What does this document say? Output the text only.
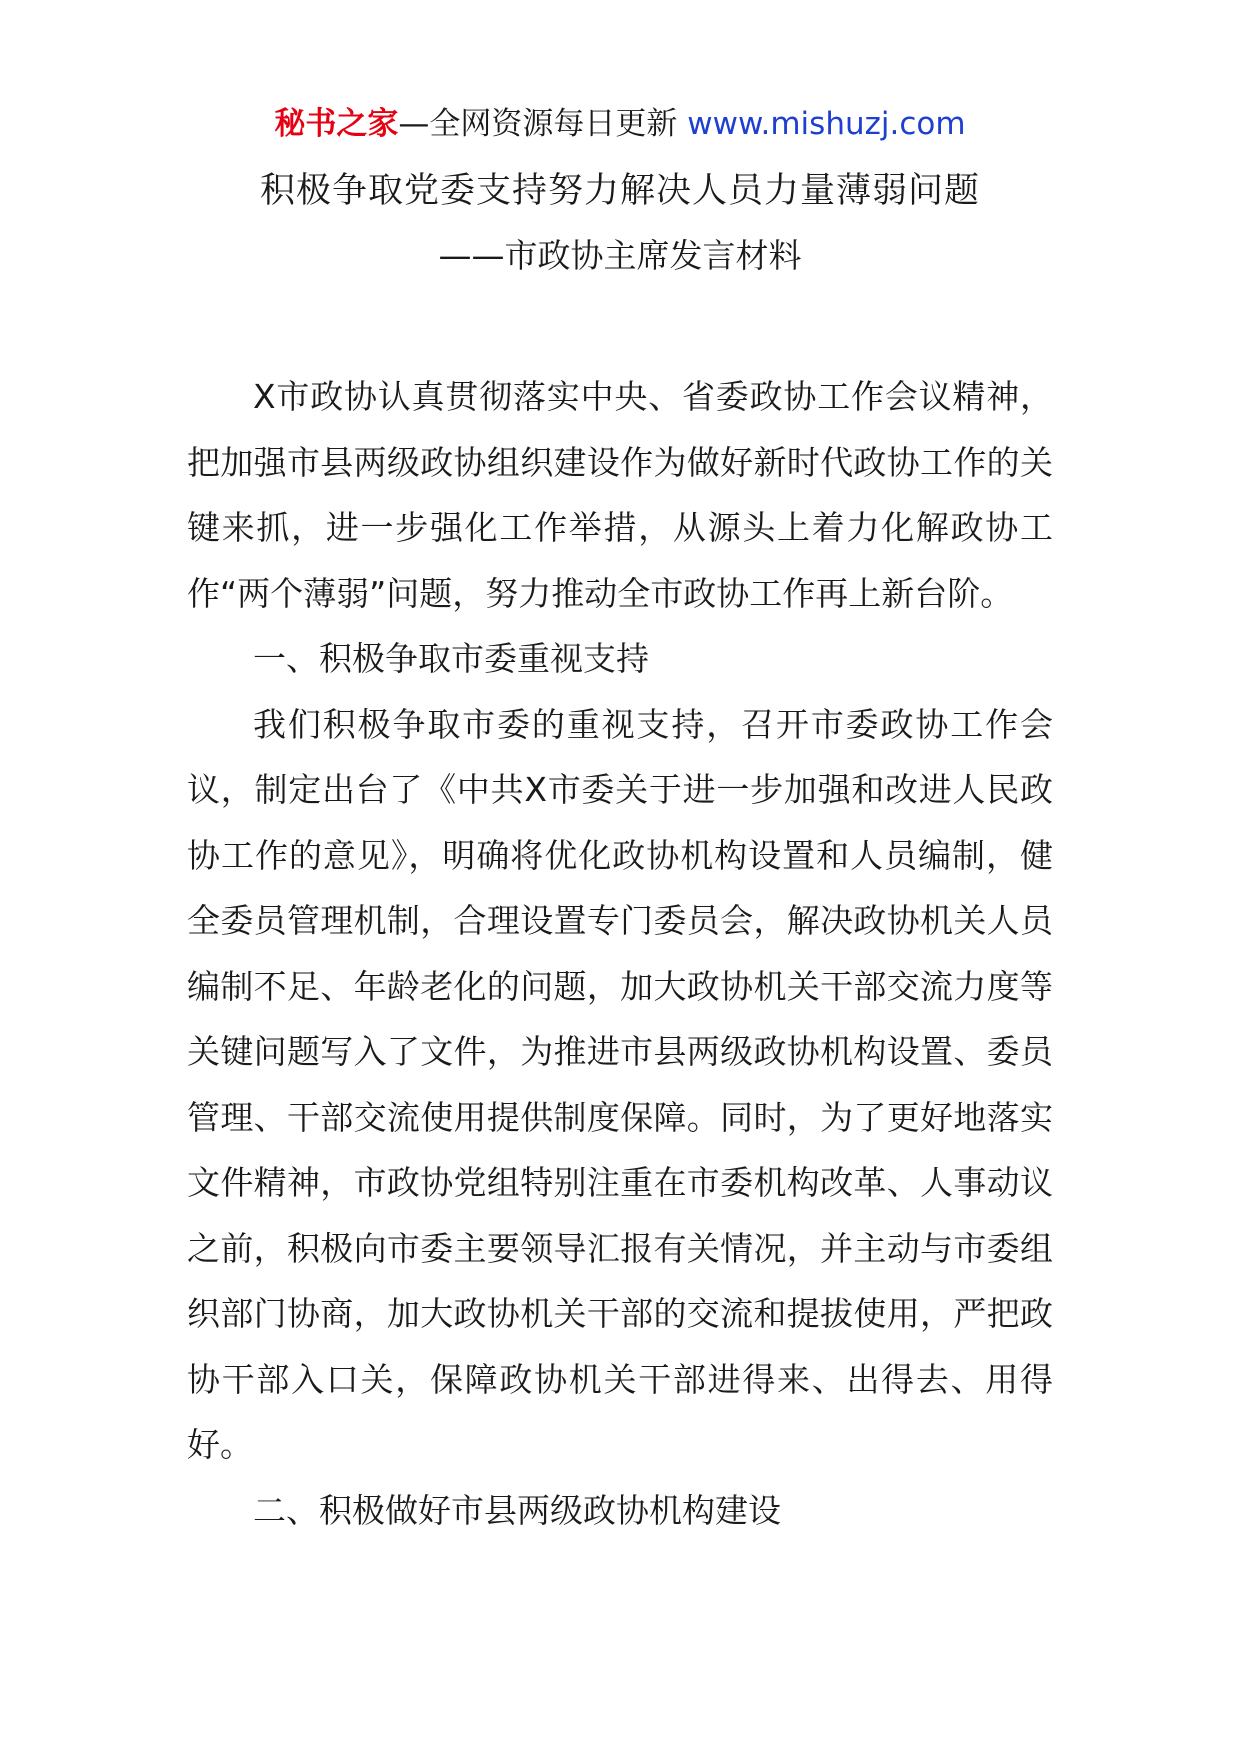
秘书之家—全网资源每日更新 www.mishuzj.com
积极争取党委支持努力解决人员力量薄弱问题
——市政协主席发言材料

X市政协认真贯彻落实中央、省委政协工作会议精神，把加强市县两级政协组织建设作为做好新时代政协工作的关键来抓，进一步强化工作举措，从源头上着力化解政协工作“两个薄弱”问题，努力推动全市政协工作再上新台阶。

一、积极争取市委重视支持

我们积极争取市委的重视支持，召开市委政协工作会议，制定出台了《中共X市委关于进一步加强和改进人民政协工作的意见》，明确将优化政协机构设置和人员编制，健全委员管理机制，合理设置专门委员会，解决政协机关人员编制不足、年龄老化的问题，加大政协机关干部交流力度等关键问题写入了文件，为推进市县两级政协机构设置、委员管理、干部交流使用提供制度保障。同时，为了更好地落实文件精神，市政协党组特别注重在市委机构改革、人事动议之前，积极向市委主要领导汇报有关情况，并主动与市委组织部门协商，加大政协机关干部的交流和提拔使用，严把政协干部入口关，保障政协机关干部进得来、出得去、用得好。

二、积极做好市县两级政协机构建设
